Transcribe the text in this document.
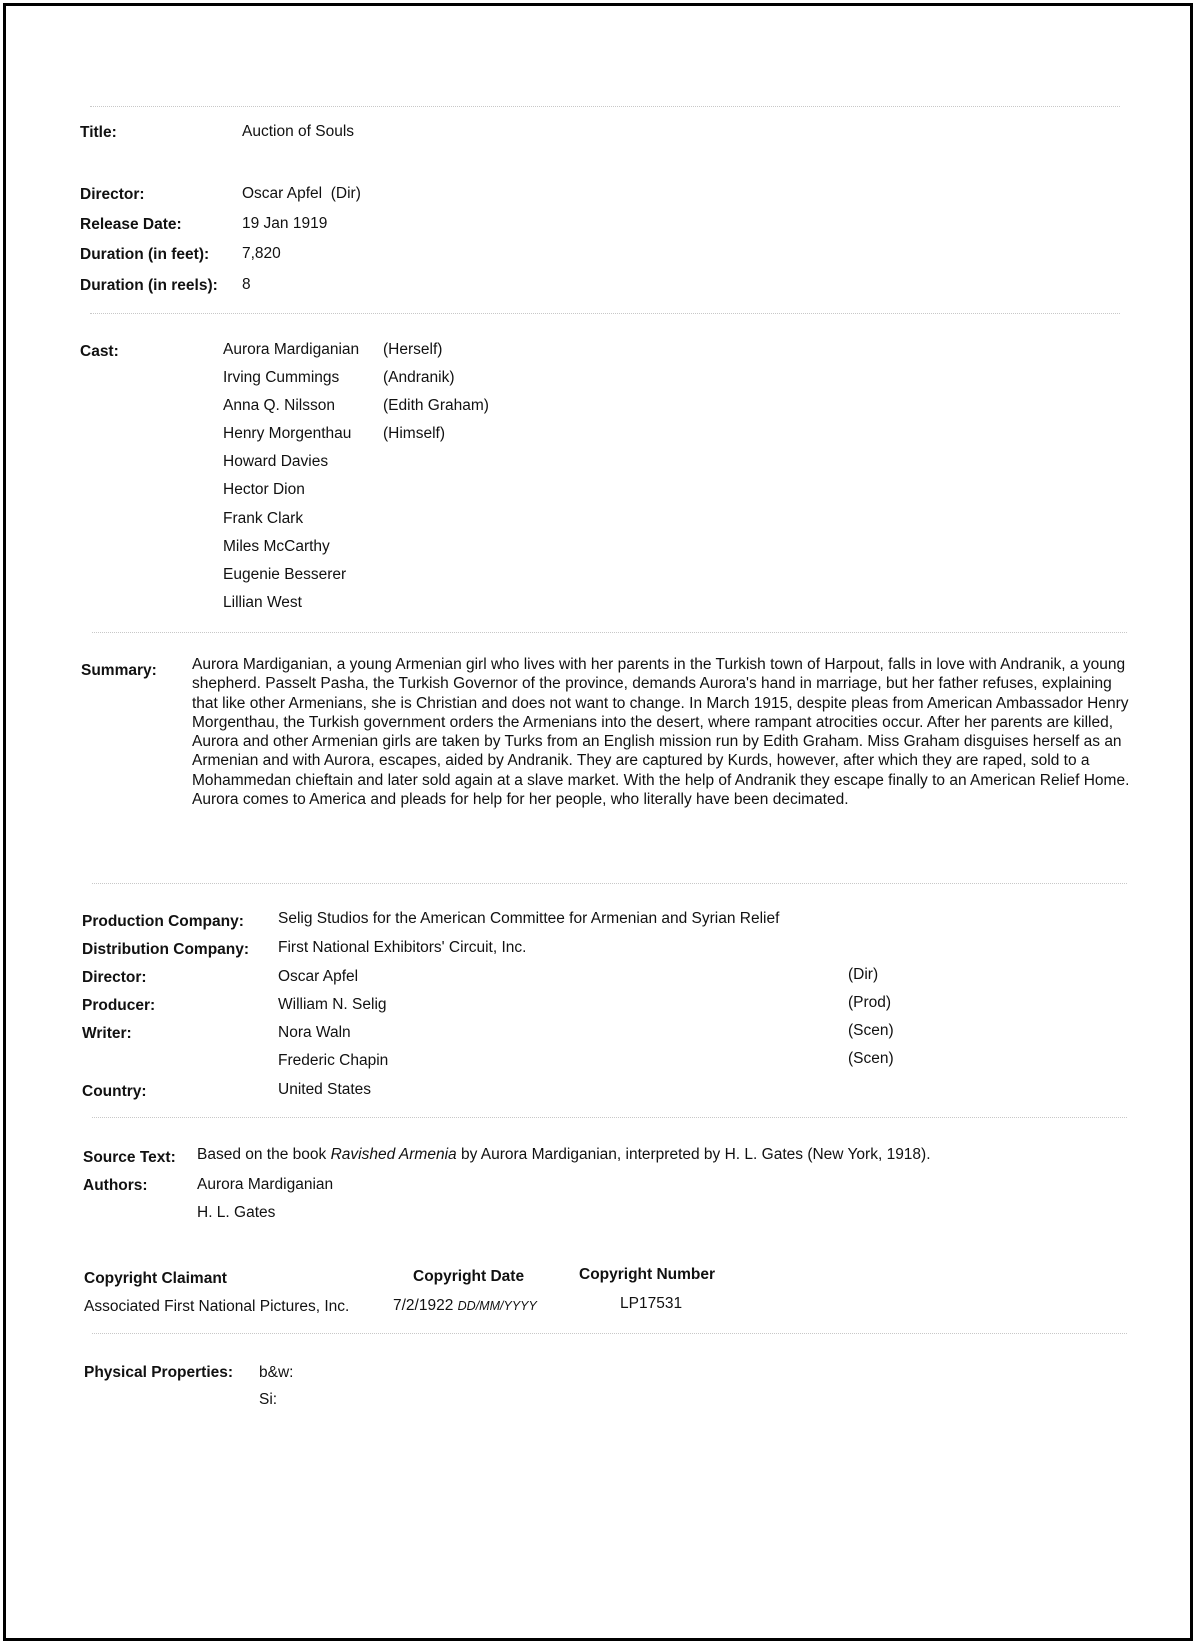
Title:	Auction of Souls
Director:	Oscar Apfel  (Dir)
Release Date:	19 Jan 1919
Duration (in feet): 7,820
Duration (in reels): 8
Cast:	Aurora Mardiganian (Herself)
Irving Cummings	(Andranik)
Anna Q. Nilsson	(Edith Graham)
Henry Morgenthau (Himself)
Howard Davies
Hector Dion
Frank Clark
Miles McCarthy
Eugenie Besserer
Lillian West
Summary: Aurora Mardiganian, a young Armenian girl who lives with her parents in the Turkish town of Harpout, falls in love with Andranik, a young shepherd. Passelt Pasha, the Turkish Governor of the province, demands Aurora's hand in marriage, but her father refuses, explaining that like other Armenians, she is Christian and does not want to change. In March 1915, despite pleas from American Ambassador Henry Morgenthau, the Turkish government orders the Armenians into the desert, where rampant atrocities occur. After her parents are killed, Aurora and other Armenian girls are taken by Turks from an English mission run by Edith Graham. Miss Graham disguises herself as an Armenian and with Aurora, escapes, aided by Andranik. They are captured by Kurds, however, after which they are raped, sold to a Mohammedan chieftain and later sold again at a slave market. With the help of Andranik they escape finally to an American Relief Home. Aurora comes to America and pleads for help for her people, who literally have been decimated.
Production Company: Selig Studios for the American Committee for Armenian and Syrian Relief
Distribution Company: First National Exhibitors' Circuit, Inc.
Director:	Oscar Apfel	(Dir)
Producer:	William N. Selig	(Prod)
Writer:	Nora Waln	(Scen)
Frederic Chapin	(Scen)
Country:	United States
Source Text: Based on the book Ravished Armenia by Aurora Mardiganian, interpreted by H. L. Gates (New York, 1918).
Authors:	Aurora Mardiganian
H. L. Gates
Copyright Claimant	Copyright Date	Copyright Number
Associated First National Pictures, Inc.	7/2/1922 DD/MM/YYYY	LP17531
Physical Properties: b&w:
Si:
